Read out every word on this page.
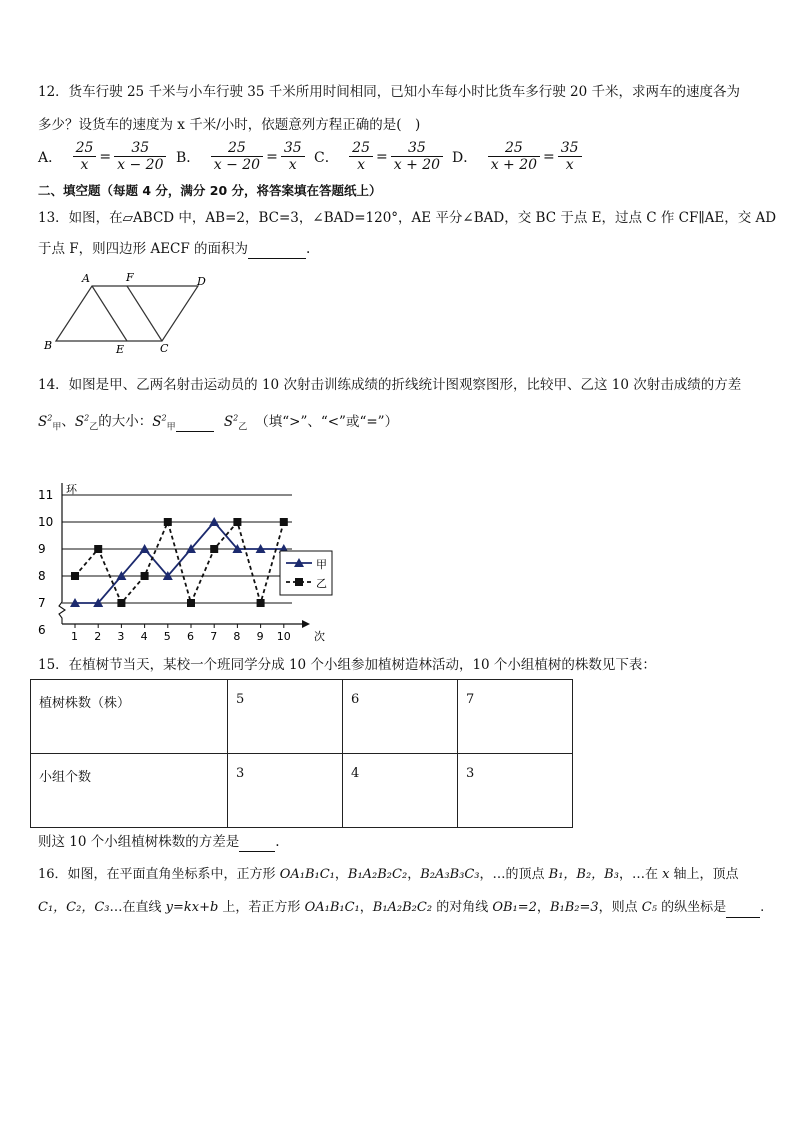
12．货车行驶 25 千米与小车行驶 35 千米所用时间相同，已知小车每小时比货车多行驶 20 千米，求两车的速度各为
多少？设货车的速度为 x 千米/小时，依题意列方程正确的是(　)
A． $\frac{25}{x} = \frac{35}{x - 20}$ B． $\frac{25}{x - 20} = \frac{35}{x}$ C． $\frac{25}{x} = \frac{35}{x + 20}$ D． $\frac{25}{x + 20} = \frac{35}{x}$
二、填空题（每题 4 分，满分 20 分，将答案填在答题纸上）
13．如图，在▱ABCD 中，AB=2，BC=3，∠BAD=120°，AE 平分∠BAD，交 BC 于点 E，过点 C 作 CF∥AE，交 AD
于点 F，则四边形 AECF 的面积为	.
A	F	D
B	E	C
14．如图是甲、乙两名射击运动员的 10 次射击训练成绩的折线统计图观察图形，比较甲、乙这 10 次射击成绩的方差
$S^2_甲$、$S^2_乙$的大小：$S^2_甲$	$S^2_乙$ （填“>”、“<”或“=”）
6
7
8
9
10
11
1 2 3 4 5 6 7 8 9 10
环
次
甲
乙
15．在植树节当天，某校一个班同学分成 10 个小组参加植树造林活动，10 个小组植树的株数见下表：
植树株数（株）	5	6	7
小组个数	3	4	3
则这 10 个小组植树株数的方差是	.
16．如图，在平面直角坐标系中，正方形 OA₁B₁C₁，B₁A₂B₂C₂，B₂A₃B₃C₃，…的顶点 B₁，B₂，B₃，…在 x 轴上，顶点
C₁，C₂，C₃…在直线 y=kx+b 上，若正方形 OA₁B₁C₁，B₁A₂B₂C₂ 的对角线 OB₁=2，B₁B₂=3，则点 C₅ 的纵坐标是	.
